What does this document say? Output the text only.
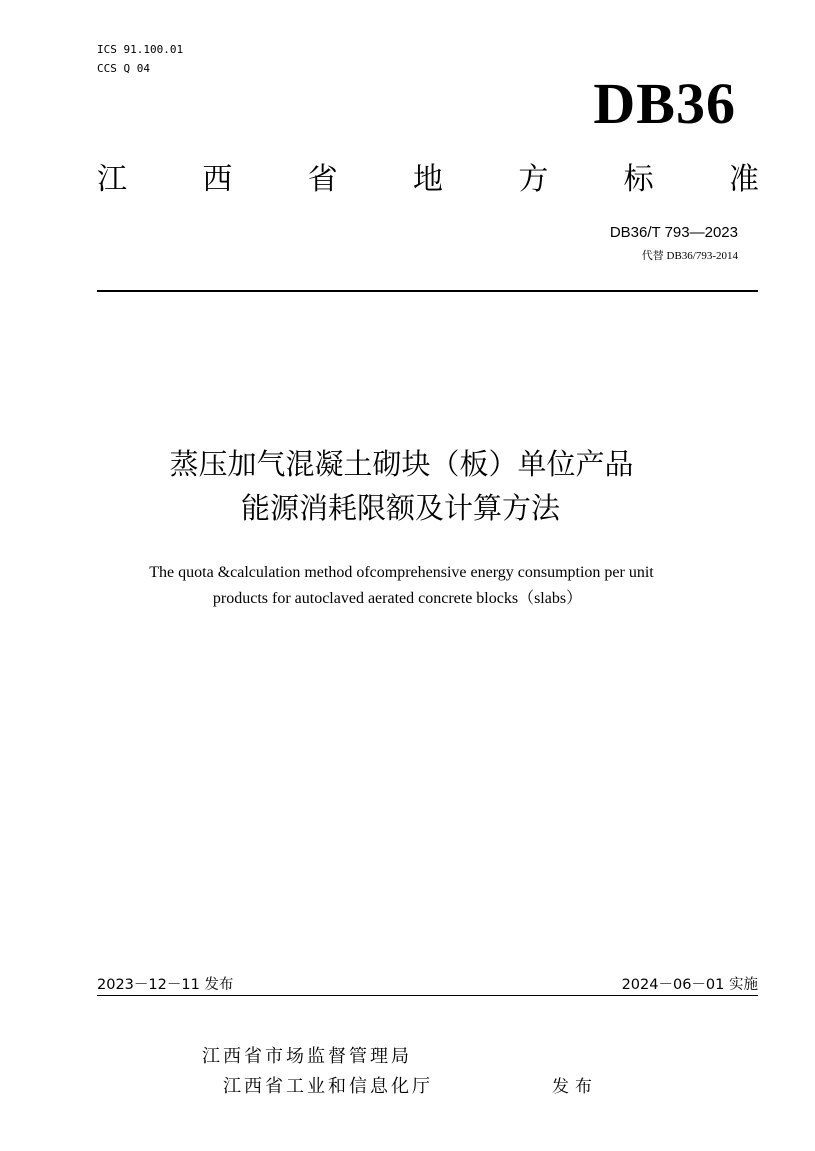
ICS 91.100.01
CCS Q 04
DB36
江	西	省	地	方	标	准
DB36/T 793—2023
代替 DB36/793-2014
蒸压加气混凝土砌块（板）单位产品
能源消耗限额及计算方法
The quota &calculation method ofcomprehensive energy consumption per unit
products for autoclaved aerated concrete blocks（slabs）
2023－12－11 发布	2024－06－01 实施
江西省市场监督管理局
江西省工业和信息化厅	发布
